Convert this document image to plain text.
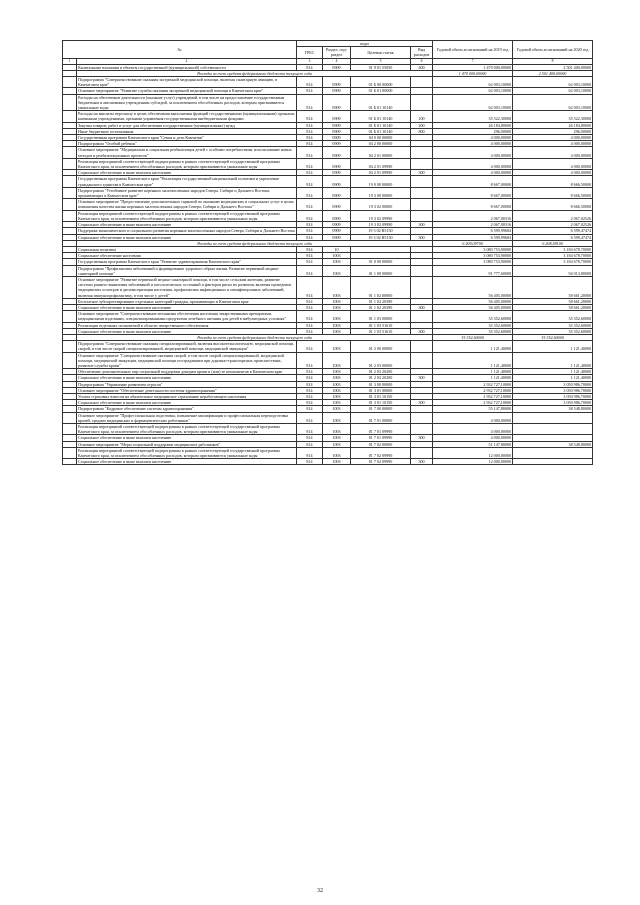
№		коды				Годовой объем ассигнований на 2019 год	Годовой объем ассигнований на 2020 год
		ГРБС	Раздел, под-раздел	Целевая статья	Вид расходов		
1	2	3	4	5	6	7	8
	Капитальные вложения в объекты государственной (муниципальной) собственности	814	0909	01 9 01 55050	400	1 470 000,00000	2 501 400,00000
	Расходы за счет средств федерального бюджета текущего года					1 470 000,00000	2 501 400,00000
	Подпрограмма "Совершенствование оказания экстренной медицинской помощи, включая санитарную авиацию, в Камчатском крае"	814	0909	01 Б 00 00000		62 003,10000	62 003,10000
	Основное мероприятие "Развитие службы оказания экстренной медицинской помощи в Камчатском крае"	814	0909	01 Б 01 00000		62 003,10000	62 003,10000
	Расходы на обеспечение деятельности (оказание услуг) учреждений, в том числе на предоставление государственным бюджетным и автономным учреждениям субсидий, за исключением обособленных расходов, которым присваиваются уникальные коды	814	0909	01 Б 01 10140		62 003,10000	62 003,10000
	Расходы на выплаты персоналу в целях обеспечения выполнения функций государственными (муниципальными) органами, казенными учреждениями, органами управления государственными внебюджетными фондами	814	0909	01 Б 01 10140	100	35 522,30000	35 522,30000
	Закупка товаров, работ и услуг для обеспечения государственных (муниципальных) нужд	814	0909	01 Б 01 10140	200	26 184,80000	26 184,80000
	Иные бюджетные ассигнования	814	0909	01 Б 01 10140	800	296,00000	296,00000
	Государственная программа Камчатского края "Семья и дети Камчатки"	814	0909	04 0 00 00000		4 000,00000	4 000,00000
	Подпрограмма "Особый ребенок"	814	0909	04 2 00 00000		4 000,00000	4 000,00000
	Основное мероприятие "Медицинская и социальная реабилитация детей с особыми потребностями, использование новых методов и реабилитационных проектов"	814	0909	04 2 01 00000		4 000,00000	4 000,00000
	Реализация мероприятий соответствующей подпрограммы в рамках соответствующей государственной программы Камчатского края, за исключением обособленных расходов, которым присваиваются уникальные коды	814	0909	04 2 01 09990		4 000,00000	4 000,00000
	Социальное обеспечение и иные выплаты населению	814	0909	04 2 01 09990	300	4 000,00000	4 000,00000
	Государственная программа Камчатского края "Реализация государственной национальной политики и укрепление гражданского единства в Камчатском крае"	814	0909	19 0 00 00000		8 667,00000	8 666,50000
	Подпрограмма "Устойчивое развитие коренных малочисленных народов Севера, Сибири и Дальнего Востока, проживающих в Камчатском крае"	814	0909	19 3 00 00000		8 667,00000	8 666,50000
	Основное мероприятие "Предоставление дополнительных гарантий по оказанию медицинских и социальных услуг в целях повышения качества жизни коренных малочисленных народов Севера, Сибири и Дальнего Востока"	814	0909	19 3 02 00000		8 667,00000	8 666,50000
	Реализация мероприятий соответствующей подпрограммы в рамках соответствующей государственной программы Камчатского края, за исключением обособленных расходов, которым присваиваются уникальные коды	814	0909	19 3 02 09990		2 067,00316	2 067,02526
	Социальное обеспечение и иные выплаты населению	814	0909	19 3 02 09990	300	2 067,00316	2 067,02526
	Поддержка экономического и социального развития коренных малочисленных народов Севера, Сибири и Дальнего Востока	814	0909	19 3 02 R5150		6 599,99684	6 599,47474
	Социальное обеспечение и иные выплаты населению	814	0909	19 3 02 R5150	300	6 599,99684	6 599,47474
	Расходы за счет средств федерального бюджета текущего года					6 209,09700	6 208,58100
	Социальная политика	814	10			3 080 753,90000	3 184 678,70000
	Социальное обеспечение населения	814	1003			3 080 753,90000	3 184 678,70000
	Государственная программа Камчатского края "Развитие здравоохранения Камчатского края"	814	1003	01 0 00 00000		3 080 753,90000	3 184 678,70000
	Подпрограмма "Профилактика заболеваний и формирование здорового образа жизни. Развитие первичной медико-санитарной помощи"	814	1003	01 1 00 00000		91 777,60000	94 013,80000
	Основное мероприятие "Развитие первичной медико-санитарной помощи, в том числе сельским жителям, развитие системы раннего выявления заболеваний и патологических состояний и факторов риска их развития, включая проведение медицинских осмотров и диспансеризации населения, профилактика инфекционных и неинфекционных заболеваний, включая иммунопрофилактику, в том числе у детей"	814	1003	01 1 02 00000		56 405,00000	58 661,20000
	Бесплатное зубопротезирование отдельных категорий граждан, проживающих в Камчатском крае	814	1003	01 1 02 20390		56 405,00000	58 661,20000
	Социальное обеспечение и иные выплаты населению	814	1003	01 1 02 20390	300	56 405,00000	58 661,20000
	Основное мероприятие "Совершенствование механизма обеспечения населения лекарственными препаратами, медицинскими изделиями, специализированными продуктами лечебного питания для детей в амбулаторных условиях"	814	1003	01 1 03 00000		35 352,60000	35 352,60000
	Реализация отдельных полномочий в области лекарственного обеспечения	814	1003	01 1 03 51610		35 352,60000	35 352,60000
	Социальное обеспечение и иные выплаты населению	814	1003	01 1 03 51610	300	35 352,60000	35 352,60000
	Расходы за счет средств федерального бюджета текущего года					35 352,60000	35 352,60000
	Подпрограмма "Совершенствование оказания специализированной, включая высокотехнологичную, медицинской помощи, скорой, в том числе скорой специализированной, медицинской помощи, медицинской эвакуации"	814	1003	01 2 00 00000		1 121,40000	1 121,40000
	Основное мероприятие "Совершенствование оказания скорой, в том числе скорой специализированной, медицинской помощи, медицинской эвакуации, медицинской помощи пострадавшим при дорожно-транспортных происшествиях, развитие службы крови"	814	1003	01 2 03 00000		1 121,40000	1 121,40000
	Обеспечение дополнительных мер социальной поддержки донорам крови и (или) ее компонентов в Камчатском крае	814	1003	01 2 03 20200		1 121,40000	1 121,40000
	Социальное обеспечение и иные выплаты населению	814	1003	01 2 03 20200	300	1 121,40000	1 121,40000
	Подпрограмма "Управление развитием отрасли"	814	1003	01 3 00 00000		2 932 727,10000	3 050 986,70000
	Основное мероприятие "Обеспечение деятельности системы здравоохранения"	814	1003	01 3 01 00000		2 932 727,10000	3 050 986,70000
	Уплата страховых взносов на обязательное медицинское страхование неработающего населения	814	1003	01 3 01 10150		2 932 727,10000	3 050 986,70000
	Социальное обеспечение и иные выплаты населению	814	1003	01 3 01 10150	300	2 932 727,10000	3 050 986,70000
	Подпрограмма "Кадровое обеспечение системы здравоохранения"	814	1003	01 7 00 00000		55 147,80000	38 548,80000
	Основное мероприятие "Профессиональная подготовка, повышение квалификации и профессиональная переподготовка врачей, средних медицинских и фармацевтических работников"	814	1003	01 7 01 00000		4 000,00000	
	Реализация мероприятий соответствующей подпрограммы в рамках соответствующей государственной программы Камчатского края, за исключением обособленных расходов, которым присваиваются уникальные коды	814	1003	01 7 01 09990		4 000,00000	
	Социальное обеспечение и иные выплаты населению	814	1003	01 7 01 09990	300	4 000,00000	
	Основное мероприятие "Меры социальной поддержки медицинских работников"	814	1003	01 7 02 00000		51 147,80000	38 548,80000
	Реализация мероприятий соответствующей подпрограммы в рамках соответствующей государственной программы Камчатского края, за исключением обособленных расходов, которым присваиваются уникальные коды	814	1003	01 7 02 09990		12 000,00000	
	Социальное обеспечение и иные выплаты населению	814	1003	01 7 02 09990	300	12 000,00000	
32
